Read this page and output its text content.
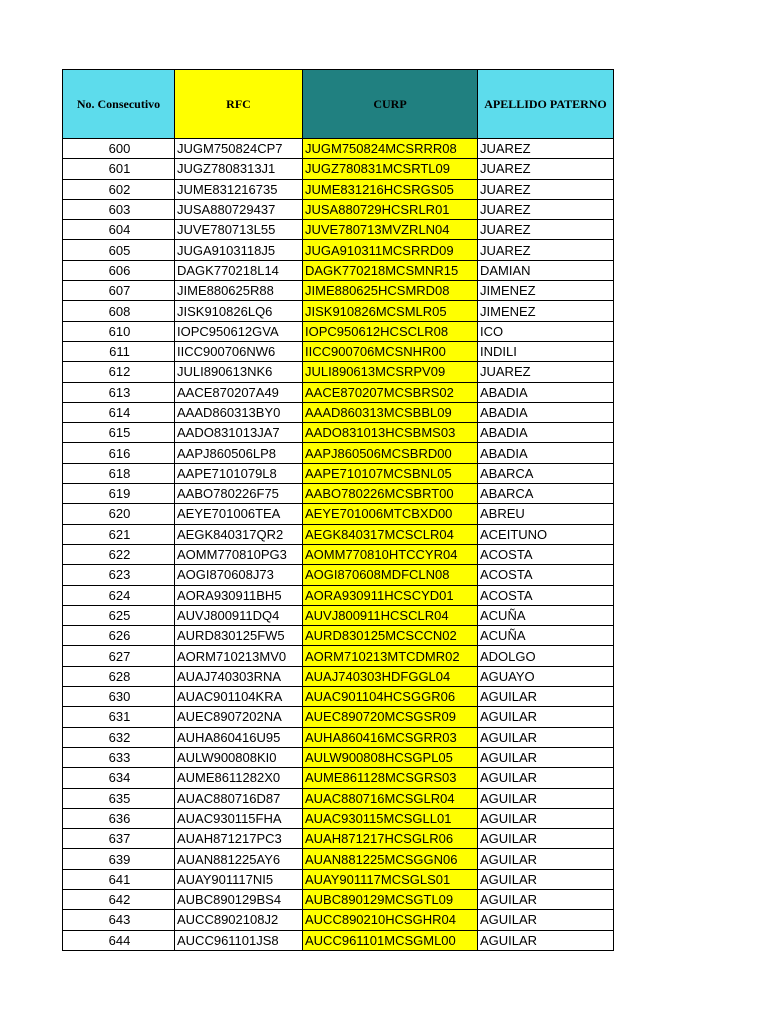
No. Consecutivo	RFC	CURP	APELLIDO PATERNO
600	JUGM750824CP7	JUGM750824MCSRRR08	JUAREZ
601	JUGZ7808313J1	JUGZ780831MCSRTL09	JUAREZ
602	JUME831216735	JUME831216HCSRGS05	JUAREZ
603	JUSA880729437	JUSA880729HCSRLR01	JUAREZ
604	JUVE780713L55	JUVE780713MVZRLN04	JUAREZ
605	JUGA9103118J5	JUGA910311MCSRRD09	JUAREZ
606	DAGK770218L14	DAGK770218MCSMNR15	DAMIAN
607	JIME880625R88	JIME880625HCSMRD08	JIMENEZ
608	JISK910826LQ6	JISK910826MCSMLR05	JIMENEZ
610	IOPC950612GVA	IOPC950612HCSCLR08	ICO
611	IICC900706NW6	IICC900706MCSNHR00	INDILI
612	JULI890613NK6	JULI890613MCSRPV09	JUAREZ
613	AACE870207A49	AACE870207MCSBRS02	ABADIA
614	AAAD860313BY0	AAAD860313MCSBBL09	ABADIA
615	AADO831013JA7	AADO831013HCSBMS03	ABADIA
616	AAPJ860506LP8	AAPJ860506MCSBRD00	ABADIA
618	AAPE7101079L8	AAPE710107MCSBNL05	ABARCA
619	AABO780226F75	AABO780226MCSBRT00	ABARCA
620	AEYE701006TEA	AEYE701006MTCBXD00	ABREU
621	AEGK840317QR2	AEGK840317MCSCLR04	ACEITUNO
622	AOMM770810PG3	AOMM770810HTCCYR04	ACOSTA
623	AOGI870608J73	AOGI870608MDFCLN08	ACOSTA
624	AORA930911BH5	AORA930911HCSCYD01	ACOSTA
625	AUVJ800911DQ4	AUVJ800911HCSCLR04	ACUÑA
626	AURD830125FW5	AURD830125MCSCCN02	ACUÑA
627	AORM710213MV0	AORM710213MTCDMR02	ADOLGO
628	AUAJ740303RNA	AUAJ740303HDFGGL04	AGUAYO
630	AUAC901104KRA	AUAC901104HCSGGR06	AGUILAR
631	AUEC8907202NA	AUEC890720MCSGSR09	AGUILAR
632	AUHA860416U95	AUHA860416MCSGRR03	AGUILAR
633	AULW900808KI0	AULW900808HCSGPL05	AGUILAR
634	AUME8611282X0	AUME861128MCSGRS03	AGUILAR
635	AUAC880716D87	AUAC880716MCSGLR04	AGUILAR
636	AUAC930115FHA	AUAC930115MCSGLL01	AGUILAR
637	AUAH871217PC3	AUAH871217HCSGLR06	AGUILAR
639	AUAN881225AY6	AUAN881225MCSGGN06	AGUILAR
641	AUAY901117NI5	AUAY901117MCSGLS01	AGUILAR
642	AUBC890129BS4	AUBC890129MCSGTL09	AGUILAR
643	AUCC8902108J2	AUCC890210HCSGHR04	AGUILAR
644	AUCC961101JS8	AUCC961101MCSGML00	AGUILAR
